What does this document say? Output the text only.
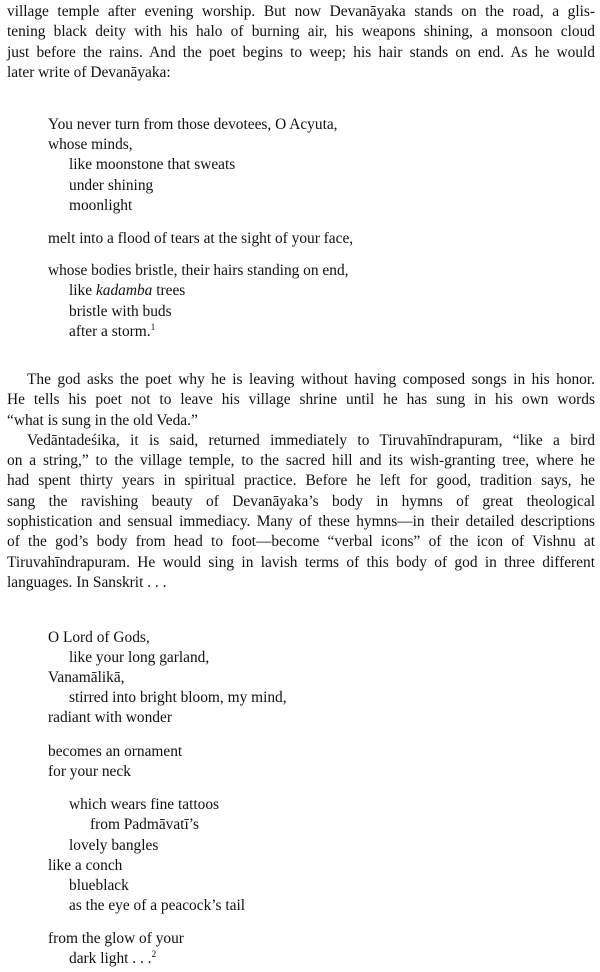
village temple after evening worship. But now Devanāyaka stands on the road, a glis-
tening black deity with his halo of burning air, his weapons shining, a monsoon cloud
just before the rains. And the poet begins to weep; his hair stands on end. As he would
later write of Devanāyaka:
You never turn from those devotees, O Acyuta,
whose minds,
like moonstone that sweats
under shining
moonlight
melt into a flood of tears at the sight of your face,
whose bodies bristle, their hairs standing on end,
like kadamba trees
bristle with buds
after a storm.$^1$
The god asks the poet why he is leaving without having composed songs in his honor.
He tells his poet not to leave his village shrine until he has sung in his own words
“what is sung in the old Veda.”
Vedāntadeśika, it is said, returned immediately to Tiruvahīndrapuram, “like a bird
on a string,” to the village temple, to the sacred hill and its wish-granting tree, where he
had spent thirty years in spiritual practice. Before he left for good, tradition says, he
sang the ravishing beauty of Devanāyaka’s body in hymns of great theological
sophistication and sensual immediacy. Many of these hymns—in their detailed descriptions
of the god’s body from head to foot—become “verbal icons” of the icon of Vishnu at
Tiruvahīndrapuram. He would sing in lavish terms of this body of god in three different
languages. In Sanskrit . . .
O Lord of Gods,
like your long garland,
Vanamālikā,
stirred into bright bloom, my mind,
radiant with wonder
becomes an ornament
for your neck
which wears fine tattoos
from Padmāvatī’s
lovely bangles
like a conch
blueblack
as the eye of a peacock’s tail
from the glow of your
dark light . . .$^2$
